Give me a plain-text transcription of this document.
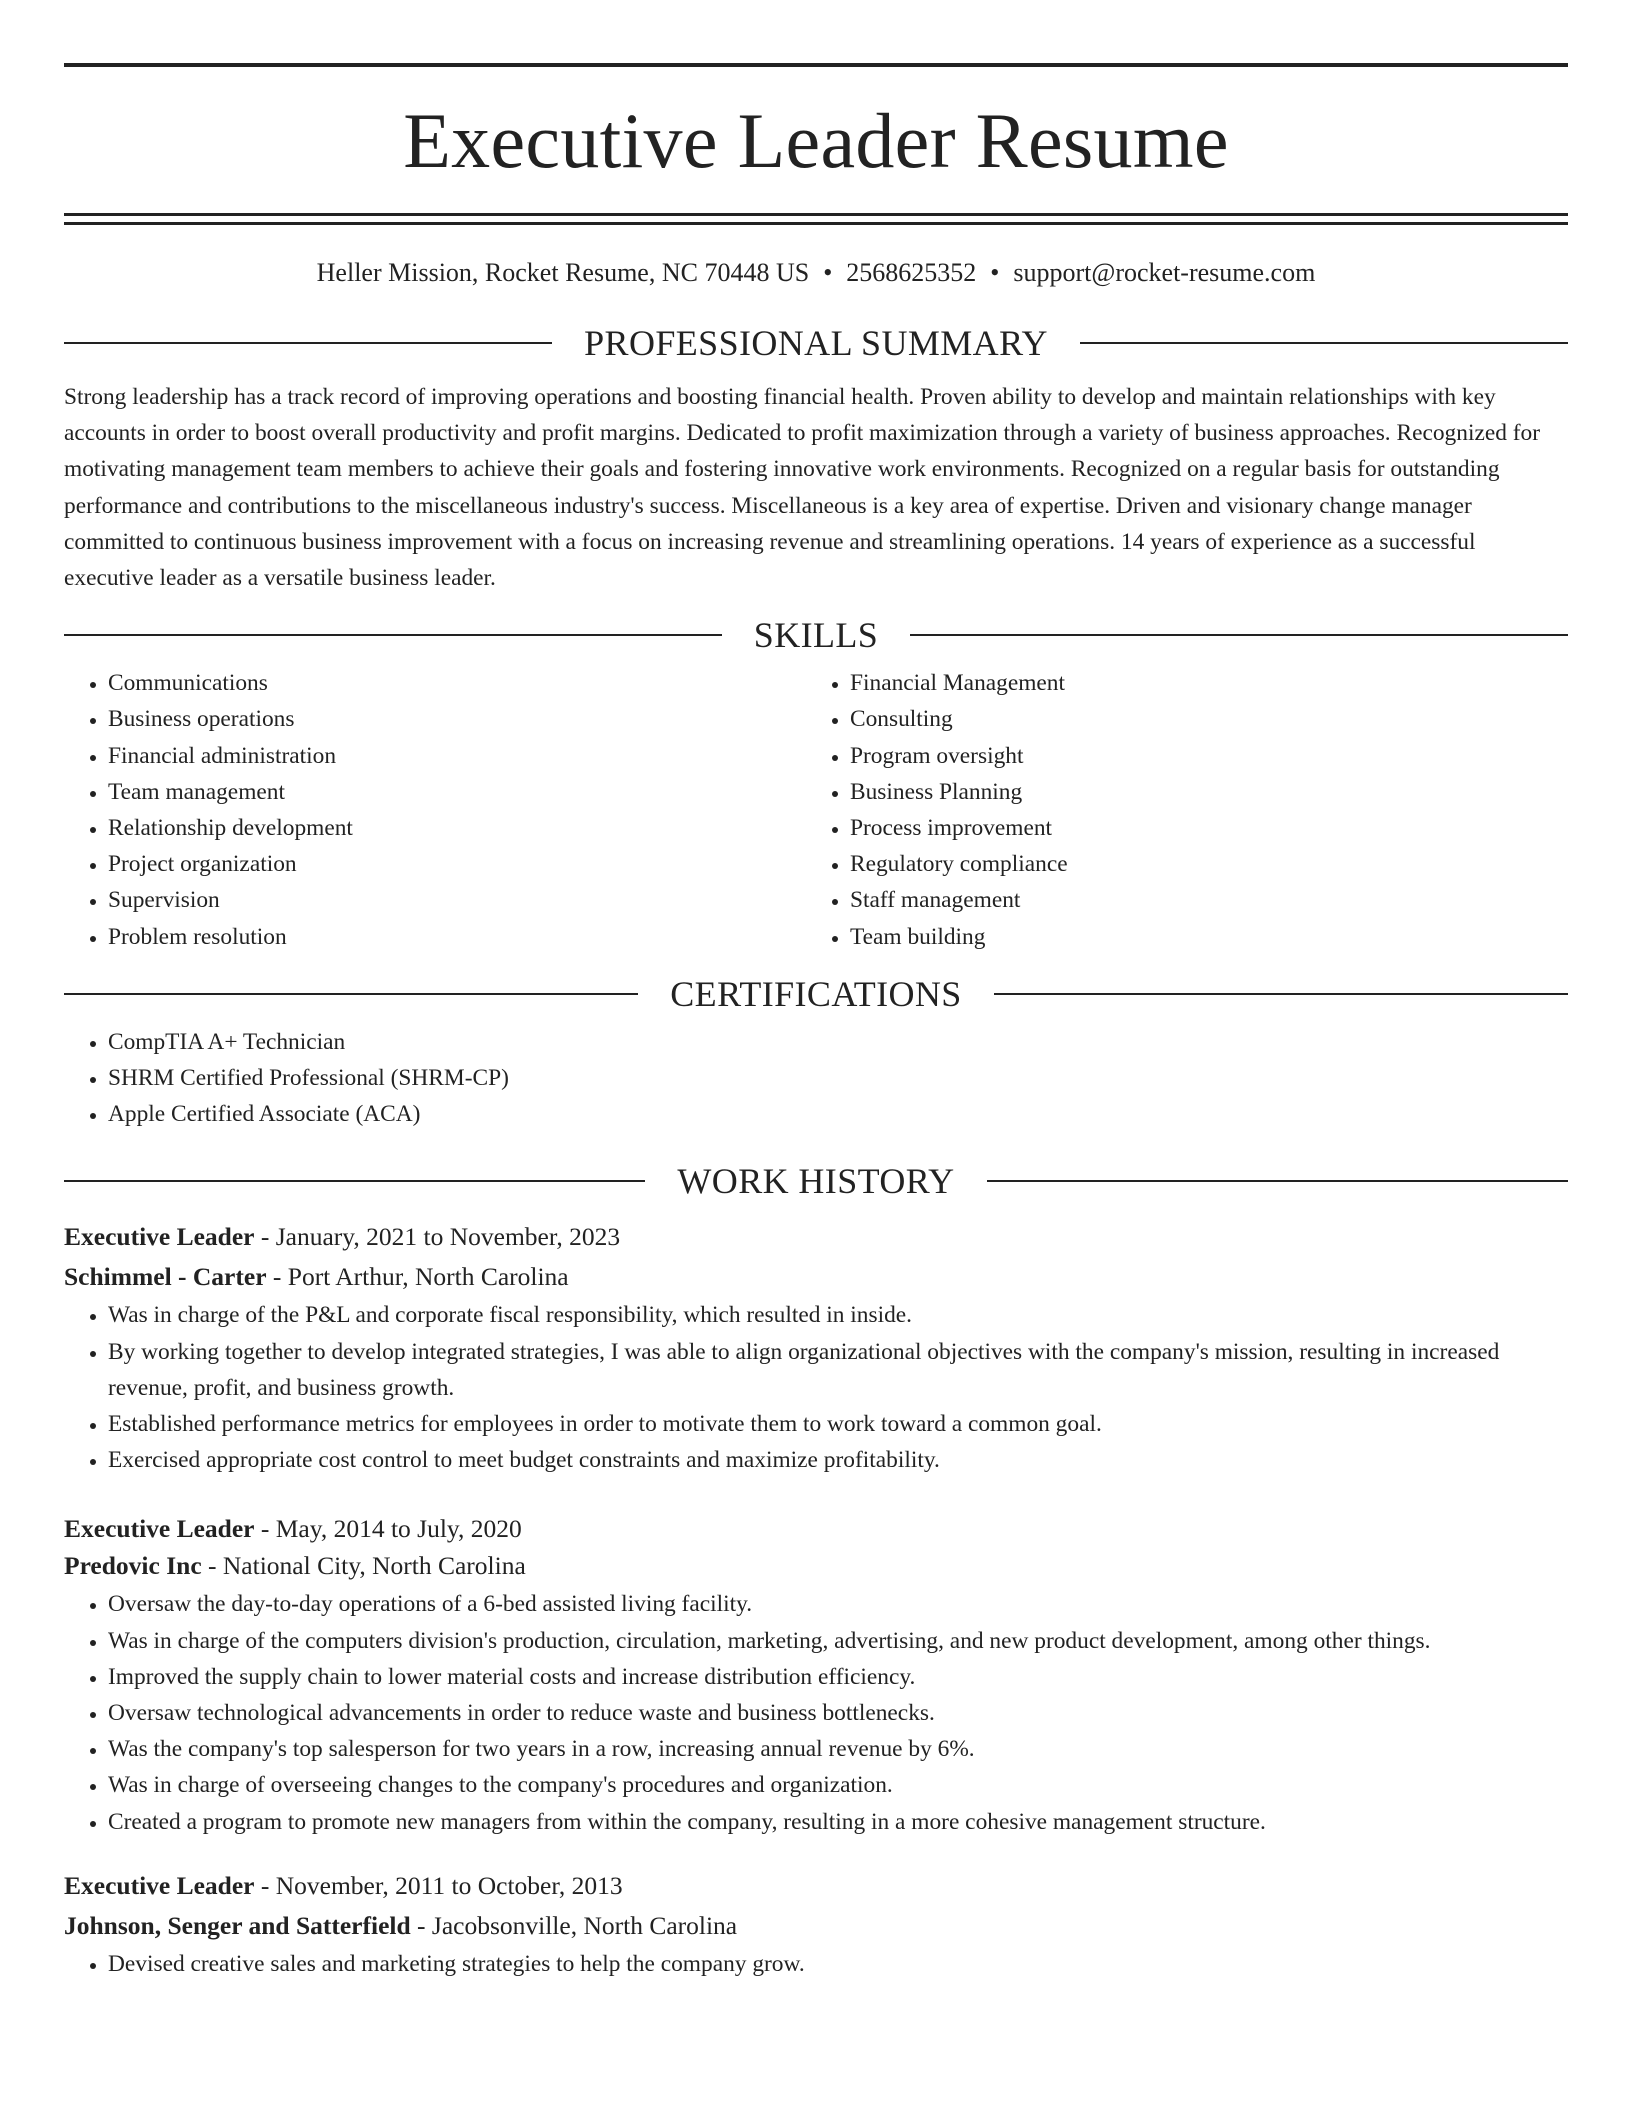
Executive Leader Resume
Heller Mission, Rocket Resume, NC 70448 US • 2568625352 • support@rocket-resume.com
PROFESSIONAL SUMMARY
Strong leadership has a track record of improving operations and boosting financial health. Proven ability to develop and maintain relationships with key accounts in order to boost overall productivity and profit margins. Dedicated to profit maximization through a variety of business approaches. Recognized for motivating management team members to achieve their goals and fostering innovative work environments. Recognized on a regular basis for outstanding performance and contributions to the miscellaneous industry's success. Miscellaneous is a key area of expertise. Driven and visionary change manager committed to continuous business improvement with a focus on increasing revenue and streamlining operations. 14 years of experience as a successful executive leader as a versatile business leader.
SKILLS
• Communications
• Business operations
• Financial administration
• Team management
• Relationship development
• Project organization
• Supervision
• Problem resolution
• Financial Management
• Consulting
• Program oversight
• Business Planning
• Process improvement
• Regulatory compliance
• Staff management
• Team building
CERTIFICATIONS
• CompTIA A+ Technician
• SHRM Certified Professional (SHRM-CP)
• Apple Certified Associate (ACA)
WORK HISTORY
Executive Leader - January, 2021 to November, 2023
Schimmel - Carter - Port Arthur, North Carolina
• Was in charge of the P&L and corporate fiscal responsibility, which resulted in inside.
• By working together to develop integrated strategies, I was able to align organizational objectives with the company's mission, resulting in increased revenue, profit, and business growth.
• Established performance metrics for employees in order to motivate them to work toward a common goal.
• Exercised appropriate cost control to meet budget constraints and maximize profitability.
Executive Leader - May, 2014 to July, 2020
Predovic Inc - National City, North Carolina
• Oversaw the day-to-day operations of a 6-bed assisted living facility.
• Was in charge of the computers division's production, circulation, marketing, advertising, and new product development, among other things.
• Improved the supply chain to lower material costs and increase distribution efficiency.
• Oversaw technological advancements in order to reduce waste and business bottlenecks.
• Was the company's top salesperson for two years in a row, increasing annual revenue by 6%.
• Was in charge of overseeing changes to the company's procedures and organization.
• Created a program to promote new managers from within the company, resulting in a more cohesive management structure.
Executive Leader - November, 2011 to October, 2013
Johnson, Senger and Satterfield - Jacobsonville, North Carolina
• Devised creative sales and marketing strategies to help the company grow.
